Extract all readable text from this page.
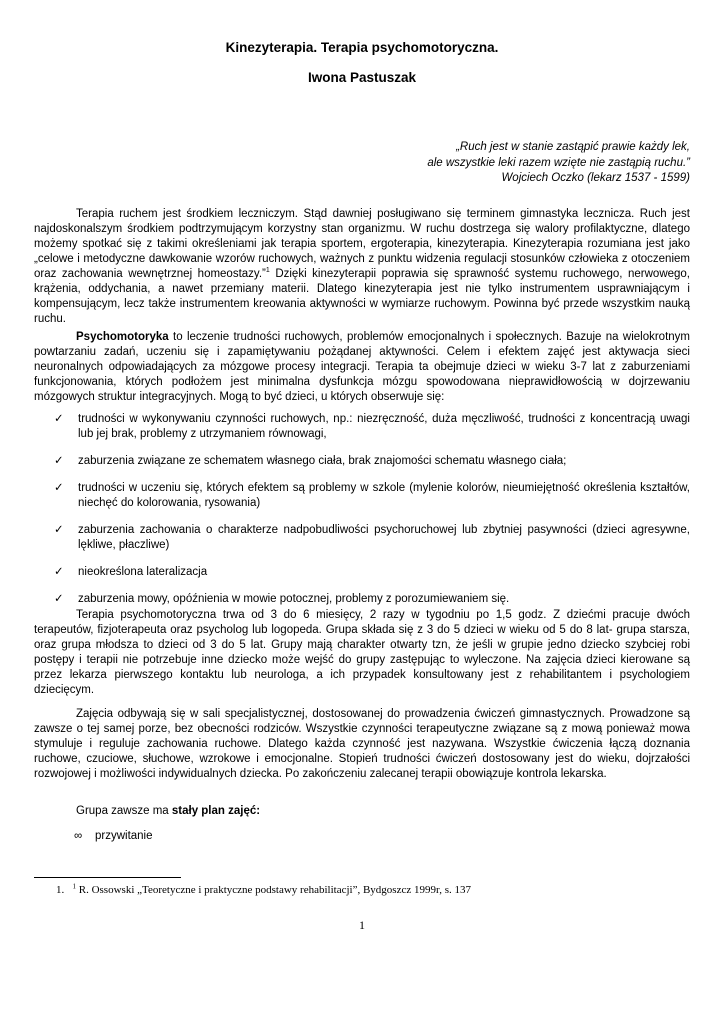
Kinezyterapia. Terapia psychomotoryczna.
Iwona Pastuszak
„Ruch jest w stanie zastąpić prawie każdy lek,
ale wszystkie leki razem wzięte nie zastąpią ruchu.”
Wojciech Oczko (lekarz 1537 - 1599)
Terapia ruchem jest środkiem leczniczym. Stąd dawniej posługiwano się terminem gimnastyka lecznicza. Ruch jest najdoskonalszym środkiem podtrzymującym korzystny stan organizmu. W ruchu dostrzega się walory profilaktyczne, dlatego możemy spotkać się z takimi określeniami jak terapia sportem, ergoterapia, kinezyterapia. Kinezyterapia rozumiana jest jako „celowe i metodyczne dawkowanie wzorów ruchowych, ważnych z punktu widzenia regulacji stosunków człowieka z otoczeniem oraz zachowania wewnętrznej homeostazy.”$^1$ Dzięki kinezyterapii poprawia się sprawność systemu ruchowego, nerwowego, krążenia, oddychania, a nawet przemiany materii. Dlatego kinezyterapia jest nie tylko instrumentem usprawniającym i kompensującym, lecz także instrumentem kreowania aktywności w wymiarze ruchowym. Powinna być przede wszystkim nauką ruchu.
Psychomotoryka to leczenie trudności ruchowych, problemów emocjonalnych i społecznych. Bazuje na wielokrotnym powtarzaniu zadań, uczeniu się i zapamiętywaniu pożądanej aktywności. Celem i efektem zajęć jest aktywacja sieci neuronalnych odpowiadających za mózgowe procesy integracji. Terapia ta obejmuje dzieci w wieku 3-7 lat z zaburzeniami funkcjonowania, których podłożem jest minimalna dysfunkcja mózgu spowodowana nieprawidłowością w dojrzewaniu mózgowych struktur integracyjnych. Mogą to być dzieci, u których obserwuje się:
✓ trudności w wykonywaniu czynności ruchowych, np.: niezręczność, duża męczliwość, trudności z koncentracją uwagi lub jej brak, problemy z utrzymaniem równowagi,
✓ zaburzenia związane ze schematem własnego ciała, brak znajomości schematu własnego ciała;
✓ trudności w uczeniu się, których efektem są problemy w szkole (mylenie kolorów, nieumiejętność określenia kształtów, niechęć do kolorowania, rysowania)
✓ zaburzenia zachowania o charakterze nadpobudliwości psychoruchowej lub zbytniej pasywności (dzieci agresywne, lękliwe, płaczliwe)
✓ nieokreślona lateralizacja
✓ zaburzenia mowy, opóźnienia w mowie potocznej, problemy z porozumiewaniem się.
Terapia psychomotoryczna trwa od 3 do 6 miesięcy, 2 razy w tygodniu po 1,5 godz. Z dziećmi pracuje dwóch terapeutów, fizjoterapeuta oraz psycholog lub logopeda. Grupa składa się z 3 do 5 dzieci w wieku od 5 do 8 lat- grupa starsza, oraz grupa młodsza to dzieci od 3 do 5 lat. Grupy mają charakter otwarty tzn, że jeśli w grupie jedno dziecko szybciej robi postępy i terapii nie potrzebuje inne dziecko może wejść do grupy zastępując to wyleczone. Na zajęcia dzieci kierowane są przez lekarza pierwszego kontaktu lub neurologa, a ich przypadek konsultowany jest z rehabilitantem i psychologiem dziecięcym.
Zajęcia odbywają się w sali specjalistycznej, dostosowanej do prowadzenia ćwiczeń gimnastycznych. Prowadzone są zawsze o tej samej porze, bez obecności rodziców. Wszystkie czynności terapeutyczne związane są z mową ponieważ mowa stymuluje i reguluje zachowania ruchowe. Dlatego każda czynność jest nazywana. Wszystkie ćwiczenia łączą doznania ruchowe, czuciowe, słuchowe, wzrokowe i emocjonalne. Stopień trudności ćwiczeń dostosowany jest do wieku, dojrzałości rozwojowej i możliwości indywidualnych dziecka. Po zakończeniu zalecanej terapii obowiązuje kontrola lekarska.
Grupa zawsze ma stały plan zajęć:
∞ przywitanie
1. $^1$ R. Ossowski „Teoretyczne i praktyczne podstawy rehabilitacji”, Bydgoszcz 1999r, s. 137
1
